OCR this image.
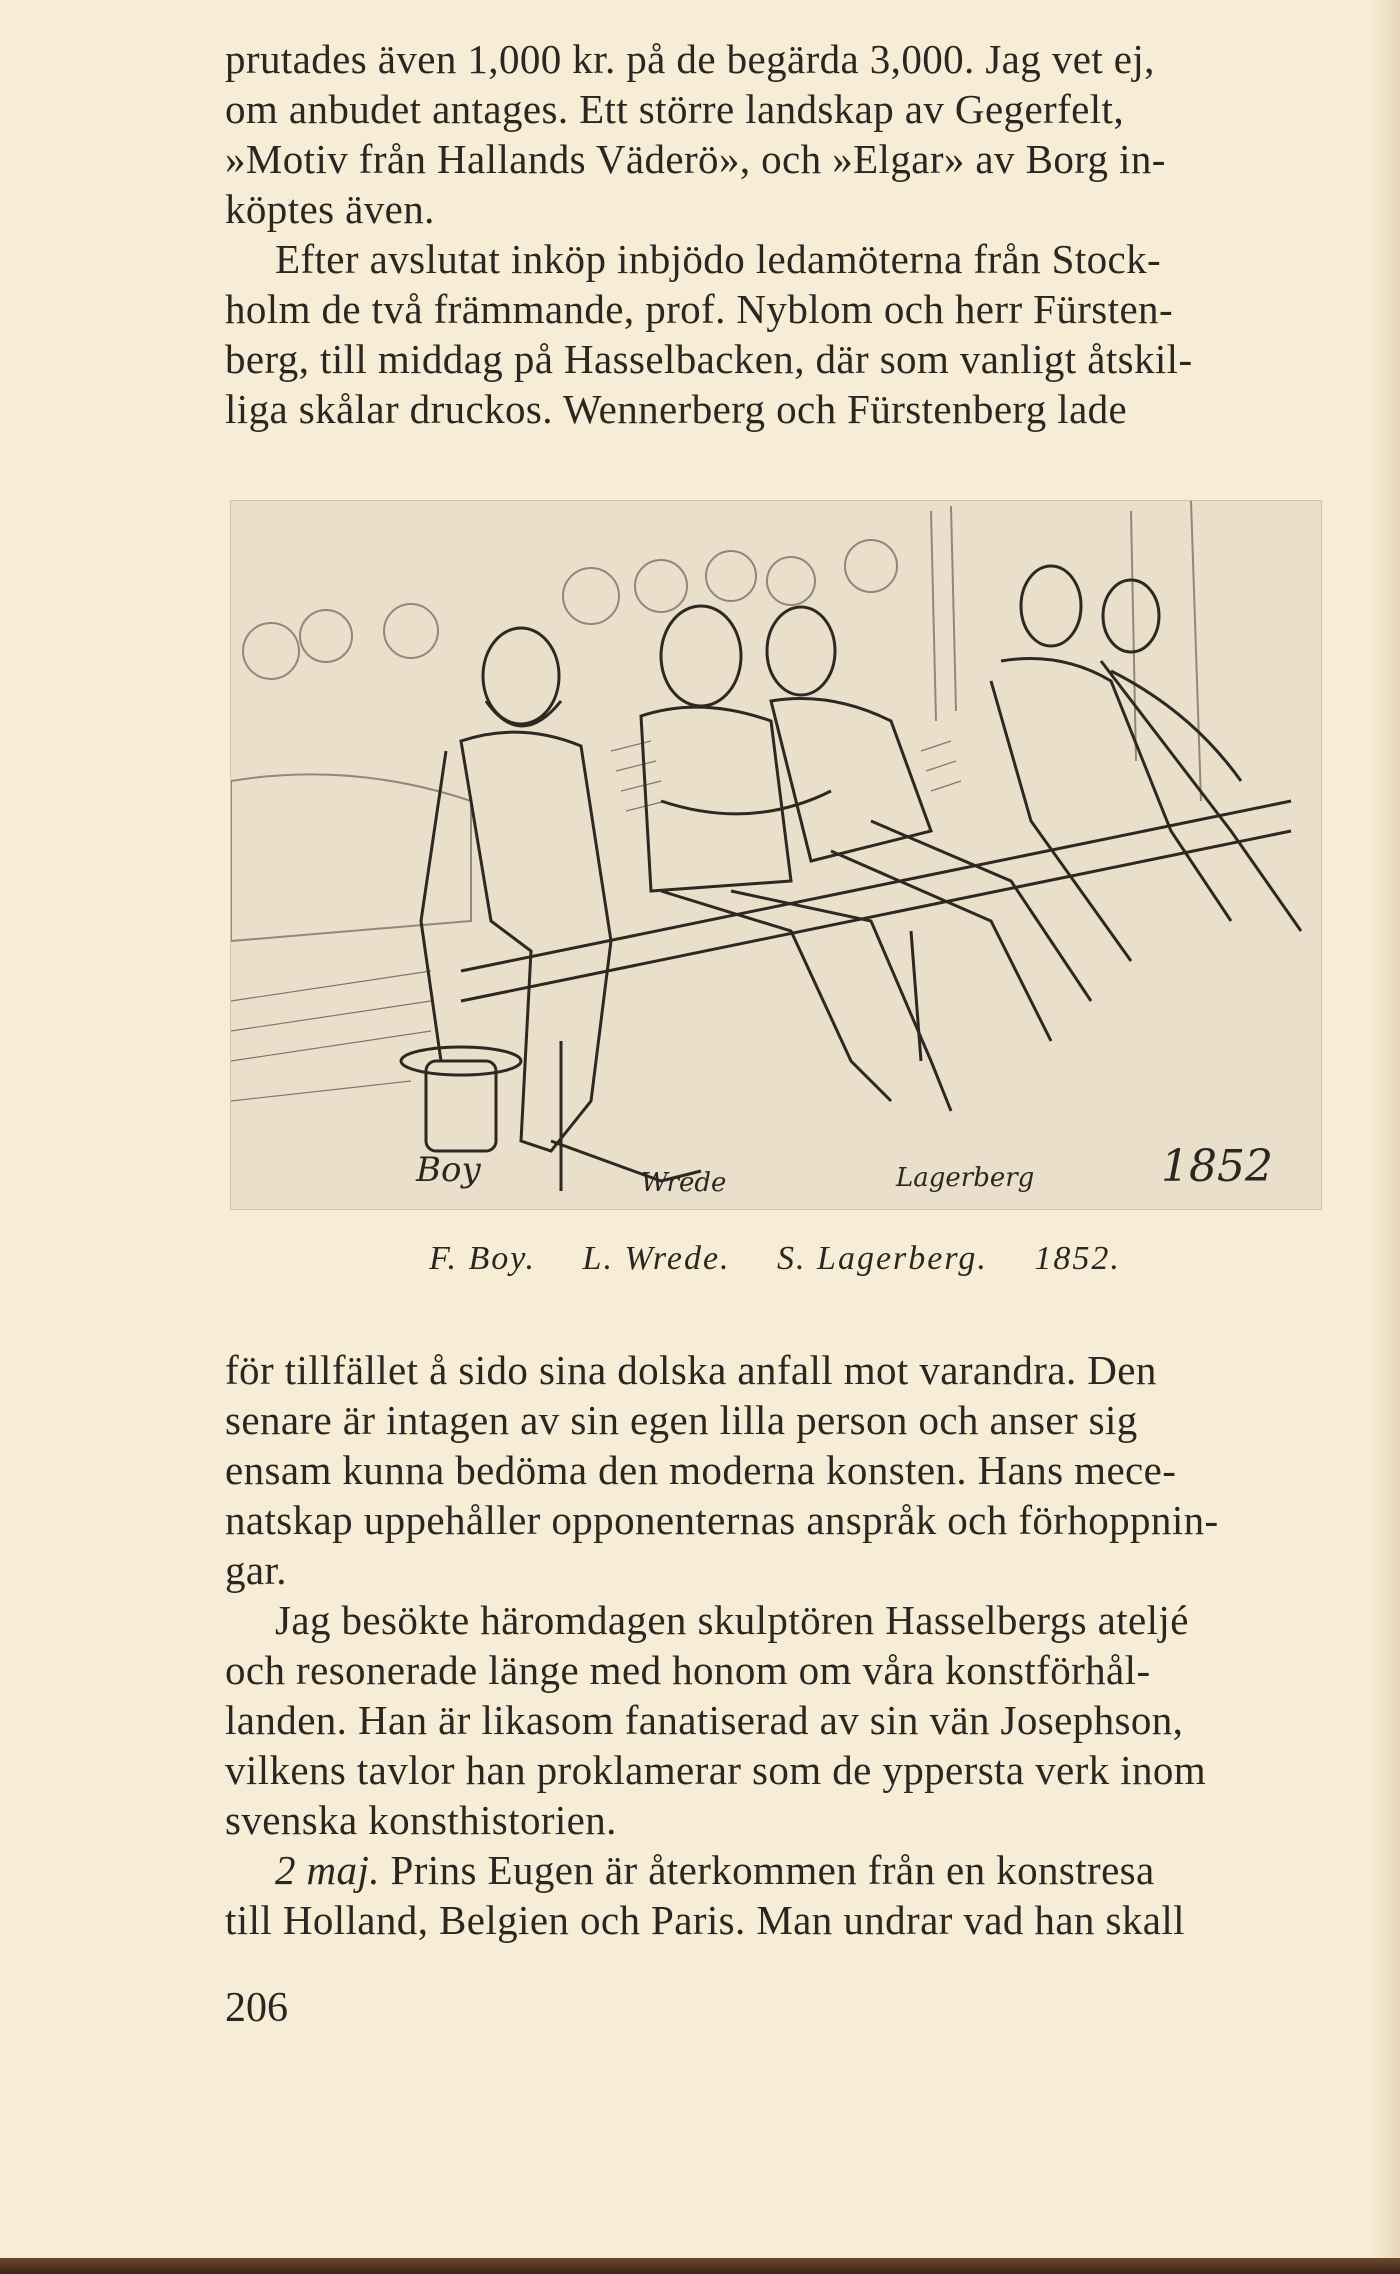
prutades även 1,000 kr. på de begärda 3,000. Jag vet ej,
om anbudet antages. Ett större landskap av Gegerfelt,
»Motiv från Hallands Väderö», och »Elgar» av Borg in-
köptes även.

Efter avslutat inköp inbjödo ledamöterna från Stock-
holm de två främmande, prof. Nyblom och herr Fürsten-
berg, till middag på Hasselbacken, där som vanligt åtskil-
liga skålar druckos. Wennerberg och Fürstenberg lade

Boy	Wrede	Lagerberg	1852
F. Boy. L. Wrede. S. Lagerberg. 1852.

för tillfället å sido sina dolska anfall mot varandra. Den
senare är intagen av sin egen lilla person och anser sig
ensam kunna bedöma den moderna konsten. Hans mece-
natskap uppehåller opponenternas anspråk och förhoppnin-
gar.

Jag besökte häromdagen skulptören Hasselbergs ateljé
och resonerade länge med honom om våra konstförhål-
landen. Han är likasom fanatiserad av sin vän Josephson,
vilkens tavlor han proklamerar som de yppersta verk inom
svenska konsthistorien.

2 maj. Prins Eugen är återkommen från en konstresa
till Holland, Belgien och Paris. Man undrar vad han skall

206
